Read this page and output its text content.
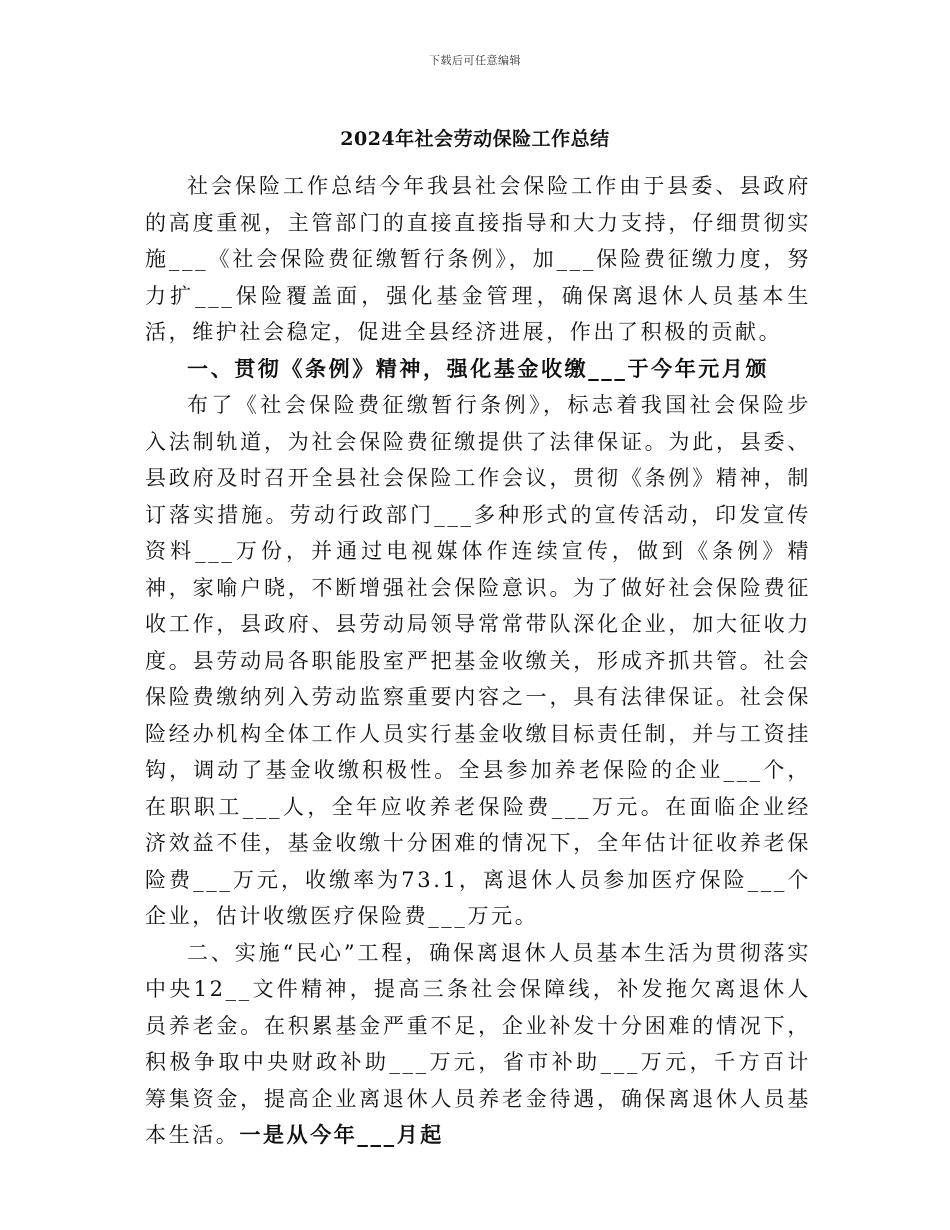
下载后可任意编辑
2024年社会劳动保险工作总结

社会保险工作总结今年我县社会保险工作由于县委、县政府的高度重视，主管部门的直接直接指导和大力支持，仔细贯彻实施___《社会保险费征缴暂行条例》，加___保险费征缴力度，努力扩___保险覆盖面，强化基金管理，确保离退休人员基本生活，维护社会稳定，促进全县经济进展，作出了积极的贡献。

一、贯彻《条例》精神，强化基金收缴___于今年元月颁

布了《社会保险费征缴暂行条例》，标志着我国社会保险步入法制轨道，为社会保险费征缴提供了法律保证。为此，县委、县政府及时召开全县社会保险工作会议，贯彻《条例》精神，制订落实措施。劳动行政部门___多种形式的宣传活动，印发宣传资料___万份，并通过电视媒体作连续宣传，做到《条例》精神，家喻户晓，不断增强社会保险意识。为了做好社会保险费征收工作，县政府、县劳动局领导常常带队深化企业，加大征收力度。县劳动局各职能股室严把基金收缴关，形成齐抓共管。社会保险费缴纳列入劳动监察重要内容之一，具有法律保证。社会保险经办机构全体工作人员实行基金收缴目标责任制，并与工资挂钩，调动了基金收缴积极性。全县参加养老保险的企业___个，在职职工___人，全年应收养老保险费___万元。在面临企业经济效益不佳，基金收缴十分困难的情况下，全年估计征收养老保险费___万元，收缴率为73.1，离退休人员参加医疗保险___个企业，估计收缴医疗保险费___万元。

二、实施“民心”工程，确保离退休人员基本生活为贯彻落实中央12__文件精神，提高三条社会保障线，补发拖欠离退休人员养老金。在积累基金严重不足，企业补发十分困难的情况下，积极争取中央财政补助___万元，省市补助___万元，千方百计筹集资金，提高企业离退休人员养老金待遇，确保离退休人员基本生活。一是从今年___月起
